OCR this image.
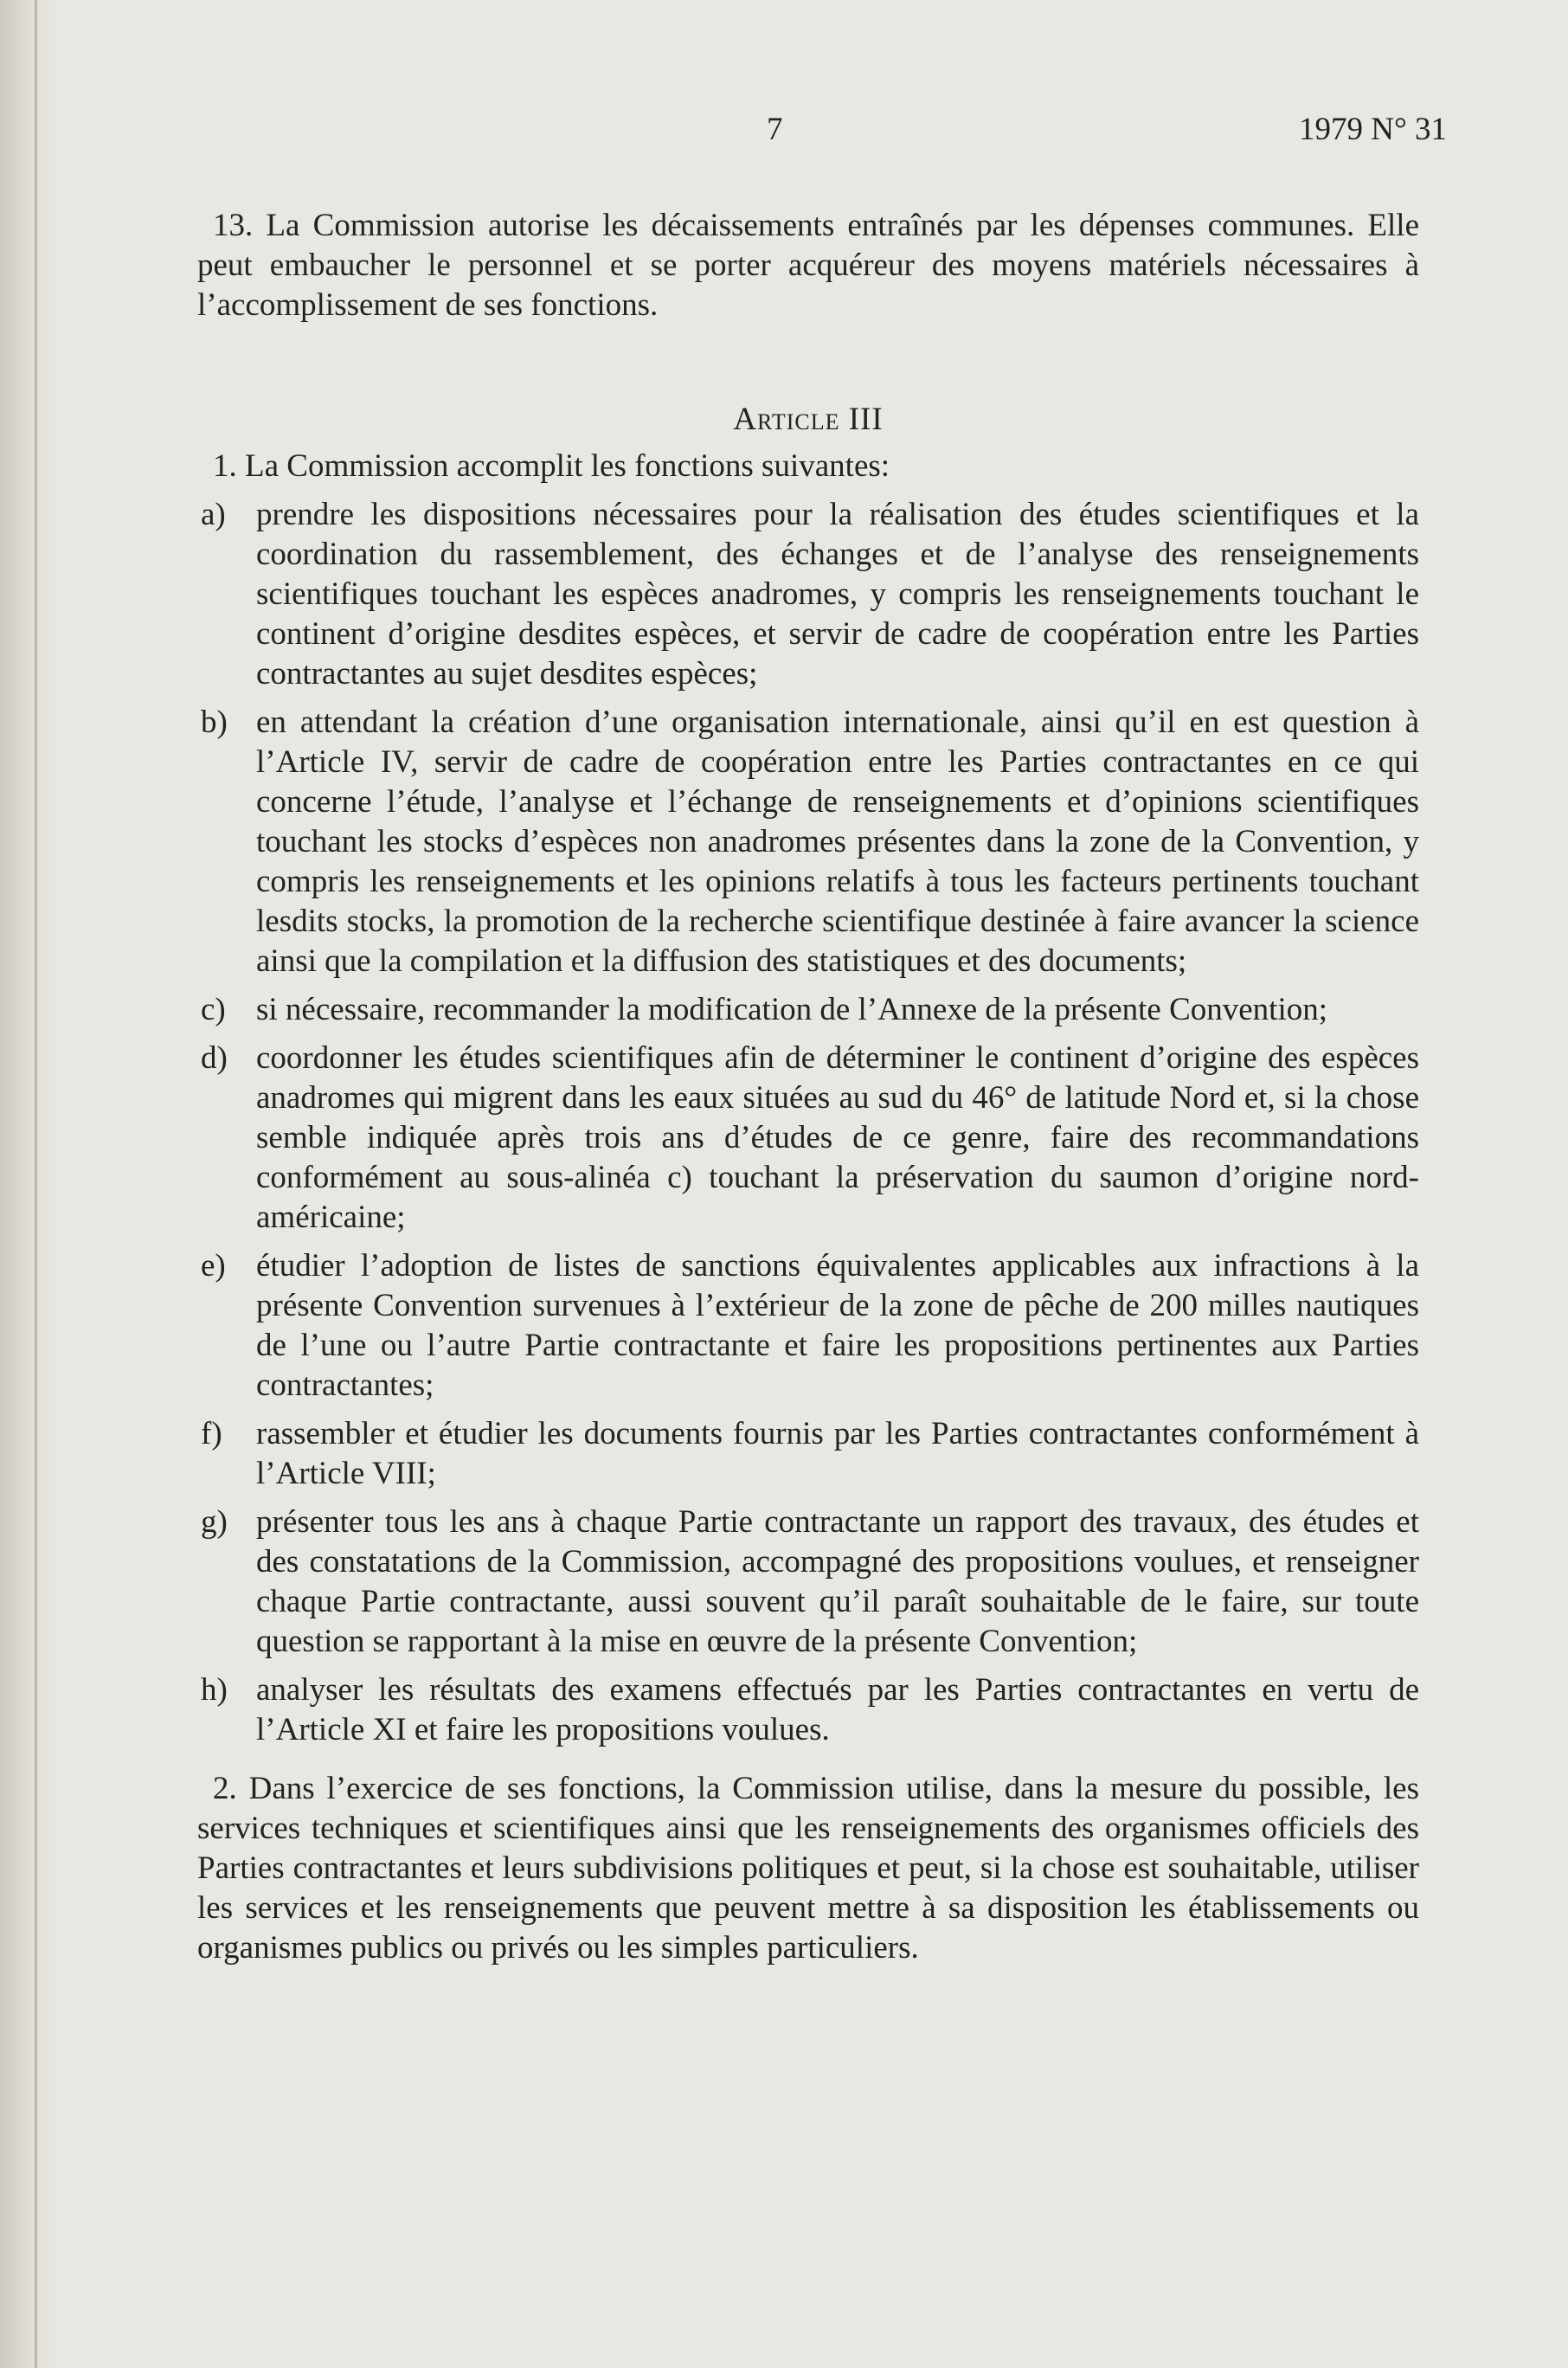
7	1979 N° 31

13. La Commission autorise les décaissements entraînés par les dépenses communes. Elle peut embaucher le personnel et se porter acquéreur des moyens matériels nécessaires à l’accomplissement de ses fonctions.

Article III

1. La Commission accomplit les fonctions suivantes:

a) prendre les dispositions nécessaires pour la réalisation des études scientifiques et la coordination du rassemblement, des échanges et de l’analyse des renseignements scientifiques touchant les espèces anadromes, y compris les renseignements touchant le continent d’origine desdites espèces, et servir de cadre de coopération entre les Parties contractantes au sujet desdites espèces;
b) en attendant la création d’une organisation internationale, ainsi qu’il en est question à l’Article IV, servir de cadre de coopération entre les Parties contractantes en ce qui concerne l’étude, l’analyse et l’échange de renseignements et d’opinions scientifiques touchant les stocks d’espèces non anadromes présentes dans la zone de la Convention, y compris les renseignements et les opinions relatifs à tous les facteurs pertinents touchant lesdits stocks, la promotion de la recherche scientifique destinée à faire avancer la science ainsi que la compilation et la diffusion des statistiques et des documents;
c) si nécessaire, recommander la modification de l’Annexe de la présente Convention;
d) coordonner les études scientifiques afin de déterminer le continent d’origine des espèces anadromes qui migrent dans les eaux situées au sud du 46° de latitude Nord et, si la chose semble indiquée après trois ans d’études de ce genre, faire des recommandations conformément au sous-alinéa c) touchant la préservation du saumon d’origine nord-américaine;
e) étudier l’adoption de listes de sanctions équivalentes applicables aux infractions à la présente Convention survenues à l’extérieur de la zone de pêche de 200 milles nautiques de l’une ou l’autre Partie contractante et faire les propositions pertinentes aux Parties contractantes;
f)	rassembler et étudier les documents fournis par les Parties contractantes conformément à l’Article VIII;
g) présenter tous les ans à chaque Partie contractante un rapport des travaux, des études et des constatations de la Commission, accompagné des propositions voulues, et renseigner chaque Partie contractante, aussi souvent qu’il paraît souhaitable de le faire, sur toute question se rapportant à la mise en œuvre de la présente Convention;
h) analyser les résultats des examens effectués par les Parties contractantes en vertu de l’Article XI et faire les propositions voulues.

2. Dans l’exercice de ses fonctions, la Commission utilise, dans la mesure du possible, les services techniques et scientifiques ainsi que les renseignements des organismes officiels des Parties contractantes et leurs subdivisions politiques et peut, si la chose est souhaitable, utiliser les services et les renseignements que peuvent mettre à sa disposition les établissements ou organismes publics ou privés ou les simples particuliers.
